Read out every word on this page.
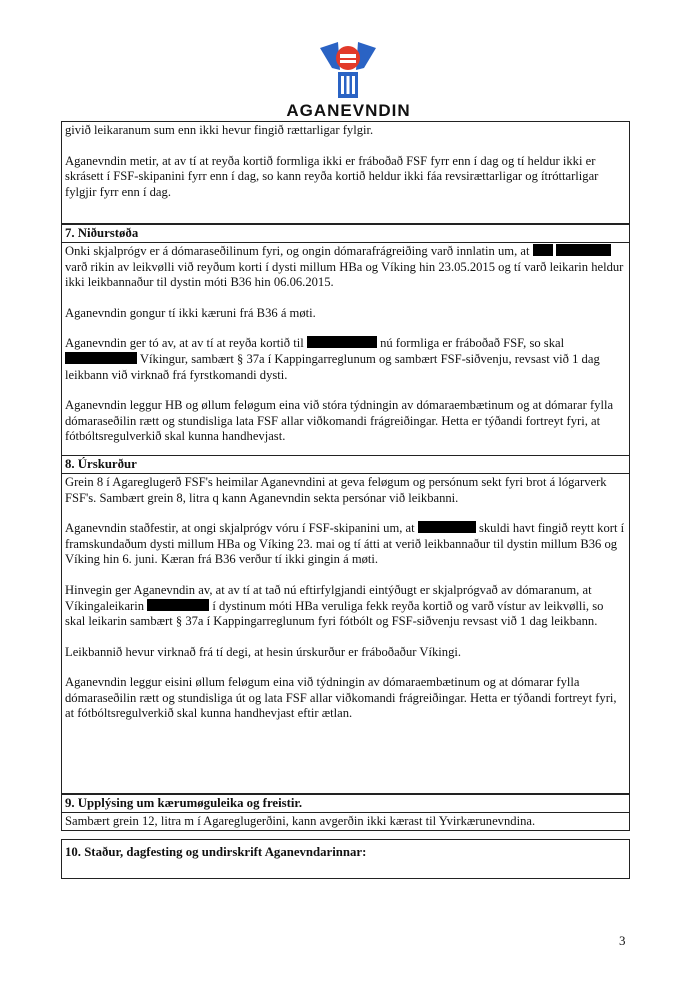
AGANEVNDIN

givið leikaranum sum enn ikki hevur fingið rættarligar fylgir.

Aganevndin metir, at av tí at reyða kortið formliga ikki er fráboðað FSF fyrr enn í dag og tí heldur ikki er skrásett í FSF-skipanini fyrr enn í dag, so kann reyða kortið heldur ikki fáa revsirættarligar og ítróttarligar fylgjir fyrr enn í dag.

7. Niðurstøða

Onki skjalprógv er á dómaraseðilinum fyri, og ongin dómarafrágreiðing varð innlatin um, at   varð rikin av leikvølli við reyðum korti í dysti millum HBa og Víking hin 23.05.2015 og tí varð leikarin heldur ikki leikbannaður til dystin móti B36 hin 06.06.2015.

Aganevndin gongur tí ikki kæruni frá B36 á møti.

Aganevndin ger tó av, at av tí at reyða kortið til	nú formliga er fráboðað FSF, so skal  Víkingur, sambært § 37a í Kappingarreglunum og sambært FSF-siðvenju, revsast við 1 dag leikbann við virknað frá fyrstkomandi dysti.

Aganevndin leggur HB og øllum feløgum eina við stóra týdningin av dómaraembætinum og at dómarar fylla dómaraseðilin rætt og stundisliga lata FSF allar viðkomandi frágreiðingar. Hetta er týðandi fortreyt fyri, at fótbóltsregulverkið skal kunna handhevjast.

8. Úrskurður

Grein 8 í Agareglugerð FSF's heimilar Aganevndini at geva feløgum og persónum sekt fyri brot á lógarverk FSF's. Sambært grein 8, litra q kann Aganevndin sekta persónar við leikbanni.

Aganevndin staðfestir, at ongi skjalprógv vóru í FSF-skipanini um, at	skuldi havt fingið reytt kort í framskundaðum dysti millum HBa og Víking 23. mai og tí átti at verið leikbannaður til dystin millum B36 og Víking hin 6. juni. Kæran frá B36 verður tí ikki gingin á møti.

Hinvegin ger Aganevndin av, at av tí at tað nú eftirfylgjandi eintýðugt er skjalprógvað av dómaranum, at Víkingaleikarin	í dystinum móti HBa veruliga fekk reyða kortið og varð vístur av leikvølli, so skal leikarin sambært § 37a í Kappingarreglunum fyri fótbólt og FSF-siðvenju revsast við 1 dag leikbann.

Leikbannið hevur virknað frá tí degi, at hesin úrskurður er fráboðaður Víkingi.

Aganevndin leggur eisini øllum feløgum eina við týdningin av dómaraembætinum og at dómarar fylla dómaraseðilin rætt og stundisliga út og lata FSF allar viðkomandi frágreiðingar. Hetta er týðandi fortreyt fyri, at fótbóltsregulverkið skal kunna handhevjast eftir ætlan.

9. Upplýsing um kærumøguleika og freistir.
Sambært grein 12, litra m í Agareglugerðini, kann avgerðin ikki kærast til Yvirkærunevndina.
10. Staður, dagfesting og undirskrift Aganevndarinnar:
3
